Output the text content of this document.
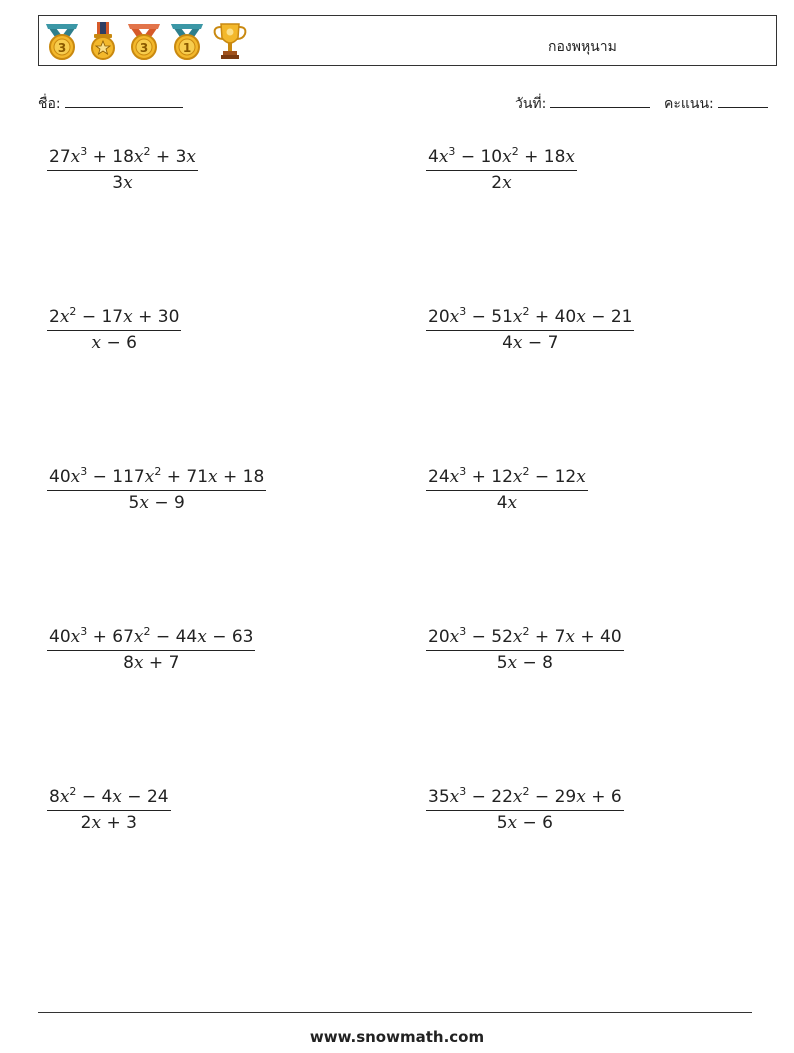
3	3	1	กองพหุนาม
ชื่อ:	วันที่:	คะแนน:
$\frac{27x^3 + 18x^2 + 3x}{3x}$	$\frac{4x^3 - 10x^2 + 18x}{2x}$
$\frac{2x^2 - 17x + 30}{x - 6}$	$\frac{20x^3 - 51x^2 + 40x - 21}{4x - 7}$
$\frac{40x^3 - 117x^2 + 71x + 18}{5x - 9}$	$\frac{24x^3 + 12x^2 - 12x}{4x}$
$\frac{40x^3 + 67x^2 - 44x - 63}{8x + 7}$	$\frac{20x^3 - 52x^2 + 7x + 40}{5x - 8}$
$\frac{8x^2 - 4x - 24}{2x + 3}$	$\frac{35x^3 - 22x^2 - 29x + 6}{5x - 6}$
www.snowmath.com
